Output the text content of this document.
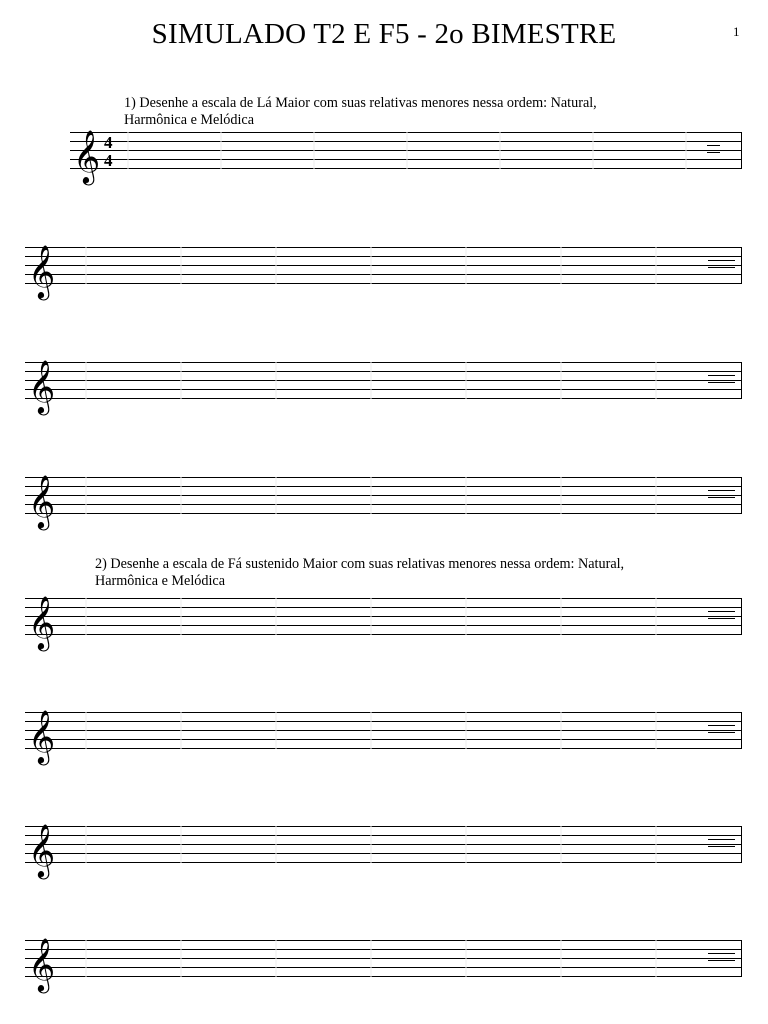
SIMULADO T2 E F5 - 2o BIMESTRE	1
1) Desenhe a escala de Lá Maior com suas relativas menores nessa ordem: Natural,
Harmônica e Melódica
2) Desenhe a escala de Fá sustenido Maior com suas relativas menores nessa ordem: Natural,
Harmônica e Melódica
𝄞 4
4
𝄞
𝄞
𝄞
𝄞
𝄞
𝄞
𝄞
